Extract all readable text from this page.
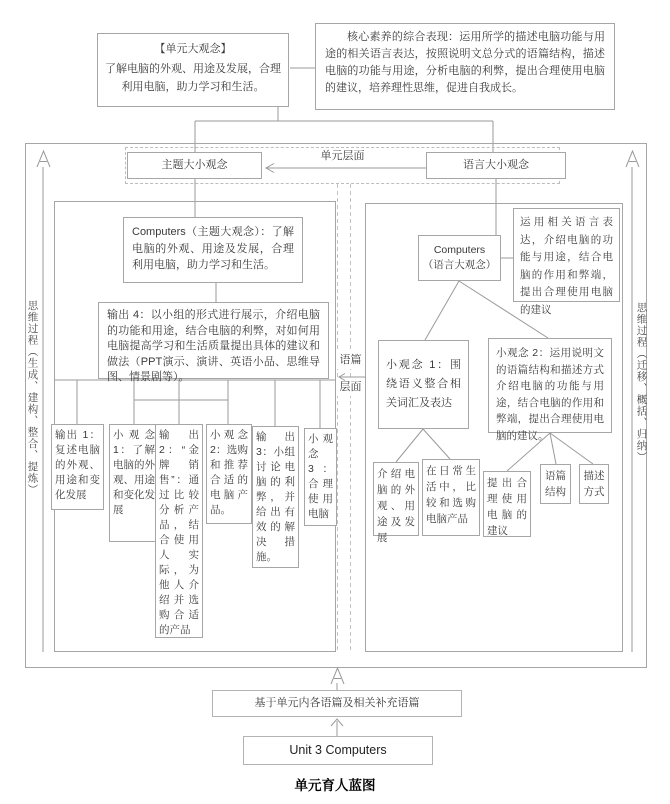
【单元大观念】
了解电脑的外观、用途及发展，合理利用电脑，助力学习和生活。
核心素养的综合表现：运用所学的描述电脑功能与用途的相关语言表达，按照说明文总分式的语篇结构，描述电脑的功能与用途，分析电脑的利弊，提出合理使用电脑的建议，培养理性思维，促进自我成长。
单元层面
主题大小观念	语言大小观念
Computers（主题大观念）：了解电脑的外观、用途及发展，合理利用电脑，助力学习和生活。
输出 4：以小组的形式进行展示，介绍电脑的功能和用途，结合电脑的利弊，对如何用电脑提高学习和生活质量提出具体的建议和做法（PPT演示、演讲、英语小品、思维导图、情景剧等）。
输出 1：复述电脑的外观、用途和变化发展
小观念 1：了解电脑的外观、用途和变化发展
输出 2：“金牌销售”：通过比较分析产品，结合使用人实际，为他人介绍并选购合适的产品
小观念 2：选购和推荐合适的电脑产品。
输出 3：小组讨论电脑的利弊，并给出有效的解决措施。
小观念 3：合理使用电脑
Computers
（语言大观念）
运用相关语言表达，介绍电脑的功能与用途，结合电脑的作用和弊端，提出合理使用电脑的建议
小观念 1：围绕语义整合相关词汇及表达
小观念 2：运用说明文的语篇结构和描述方式介绍电脑的功能与用途，结合电脑的作用和弊端，提出合理使用电脑的建议。
介绍电脑的外观、用途及发展
在日常生活中，比较和选购电脑产品
提出合理使用电脑的建议
语篇结构
描述方式
语篇
层面
思维过程（生成、建构、整合、提炼）	思维过程（迁移、概括、归纳）
基于单元内各语篇及相关补充语篇
Unit 3 Computers
单元育人蓝图
